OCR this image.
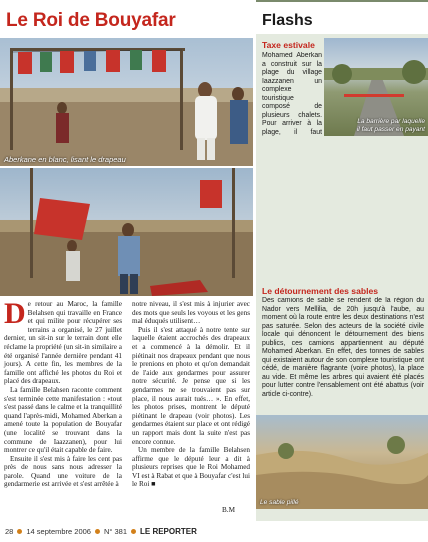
Le Roi de Bouyafar
Aberkane en blanc, lisant le drapeau

De retour au Maroc, la famille Belahsen qui travaille en France et qui milite pour récupérer ses terrains a organisé, le 27 juillet dernier, un sit-in sur le terrain dont elle réclame la propriété (un sit-in similaire a été organisé l'année dernière pendant 41 jours). A cette fin, les membres de la famille ont affiché les photos du Roi et placé des drapeaux.

La famille Belahsen raconte comment s'est terminée cette manifestation : «tout s'est passé dans le calme et la tranquillité quand l'après-midi, Mohamed Aberkan a amené toute la population de Bouyafar (une localité se trouvant dans la commune de Iaazzanen), pour lui montrer ce qu'il était capable de faire.

Ensuite il s'est mis à faire les cent pas près de nous sans nous adresser la parole. Quand une voiture de la gendarmerie est arrivée et s'est arrêtée à

notre niveau, il s'est mis à injurier avec des mots que seuls les voyous et les gens mal éduqués utilisent…

Puis il s'est attaqué à notre tente sur laquelle étaient accrochés des drapeaux et a commencé à la démolir. Et il piétinait nos drapeaux pendant que nous le prenions en photo et qu'on demandait de l'aide aux gendarmes pour assurer notre sécurité. Je pense que si les gendarmes ne se trouvaient pas sur place, il nous aurait tués… ». En effet, les photos prises, montrent le député piétinant le drapeau (voir photos). Les gendarmes étaient sur place et ont rédigé un rapport mais dont la suite n'est pas encore connue.

Un membre de la famille Belahsen affirme que le député leur a dit à plusieurs reprises que le Roi Mohamed VI est à Rabat et que à Bouyafar c'est lui le Roi ■

B.M
Flashs
Taxe estivale
La barrière par laquelle il faut passer en payant
Mohamed Aberkan a construit sur la plage du village Iaazzanen un complexe touristique composé de plusieurs chalets. Pour arriver à la plage, il faut
Le détournement des sables
Des camions de sable se rendent de la région du Nador vers Mellilia, de 20h jusqu'à l'aube, au moment où la route entre les deux destinations n'est pas saturée. Selon des acteurs de la société civile locale qui dénoncent le détournement des biens publics, ces camions appartiennent au député Mohamed Aberkan. En effet, des tonnes de sables qui existaient autour de son complexe touristique ont cédé, de manière flagrante (voire photos), la place au vide. Et même les arbres qui avaient été placés pour lutter contre l'ensablement ont été abattus (voir article ci-contre).
Le sable pillé
28 14 septembre 2006 N° 381 LE REPORTER
